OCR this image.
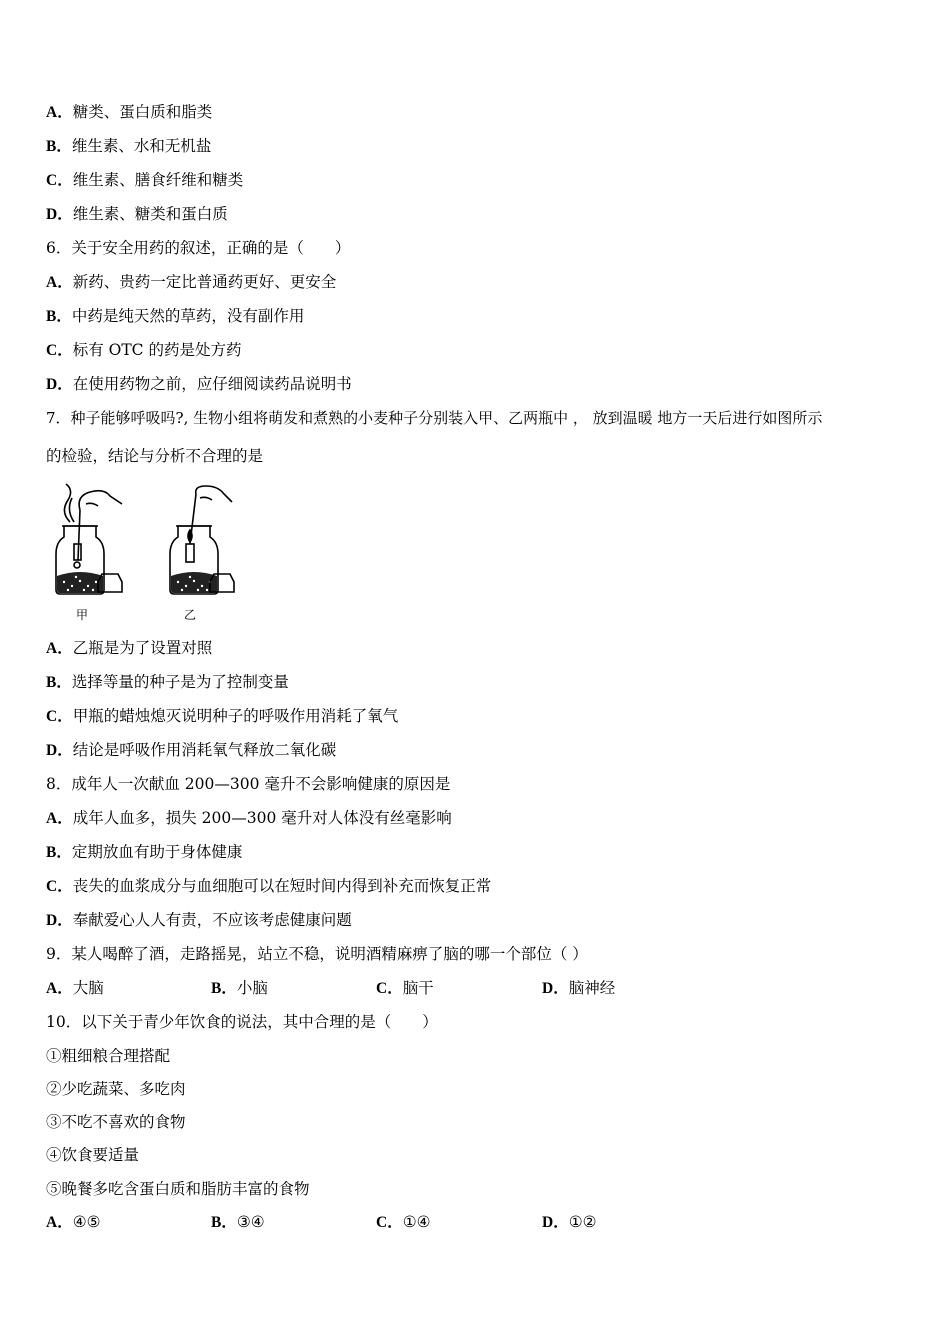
A．糖类、蛋白质和脂类
B．维生素、水和无机盐
C．维生素、膳食纤维和糖类
D．维生素、糖类和蛋白质
6．关于安全用药的叙述，正确的是（　　）
A．新药、贵药一定比普通药更好、更安全
B．中药是纯天然的草药，没有副作用
C．标有 OTC 的药是处方药
D．在使用药物之前，应仔细阅读药品说明书
7．种子能够呼吸吗?, 生物小组将萌发和煮熟的小麦种子分别装入甲、乙两瓶中 ， 放到温暖 地方一天后进行如图所示
的检验，结论与分析不合理的是
甲	乙
A．乙瓶是为了设置对照
B．选择等量的种子是为了控制变量
C．甲瓶的蜡烛熄灭说明种子的呼吸作用消耗了氧气
D．结论是呼吸作用消耗氧气释放二氧化碳
8．成年人一次献血 200—300 毫升不会影响健康的原因是
A．成年人血多，损失 200—300 毫升对人体没有丝毫影响
B．定期放血有助于身体健康
C．丧失的血浆成分与血细胞可以在短时间内得到补充而恢复正常
D．奉献爱心人人有责，不应该考虑健康问题
9．某人喝醉了酒，走路摇晃，站立不稳，说明酒精麻痹了脑的哪一个部位（ ）
A．大脑	B．小脑	C．脑干	D．脑神经
10．以下关于青少年饮食的说法，其中合理的是（　　）
①粗细粮合理搭配
②少吃蔬菜、多吃肉
③不吃不喜欢的食物
④饮食要适量
⑤晚餐多吃含蛋白质和脂肪丰富的食物
A．④⑤	B．③④	C．①④	D．①②
